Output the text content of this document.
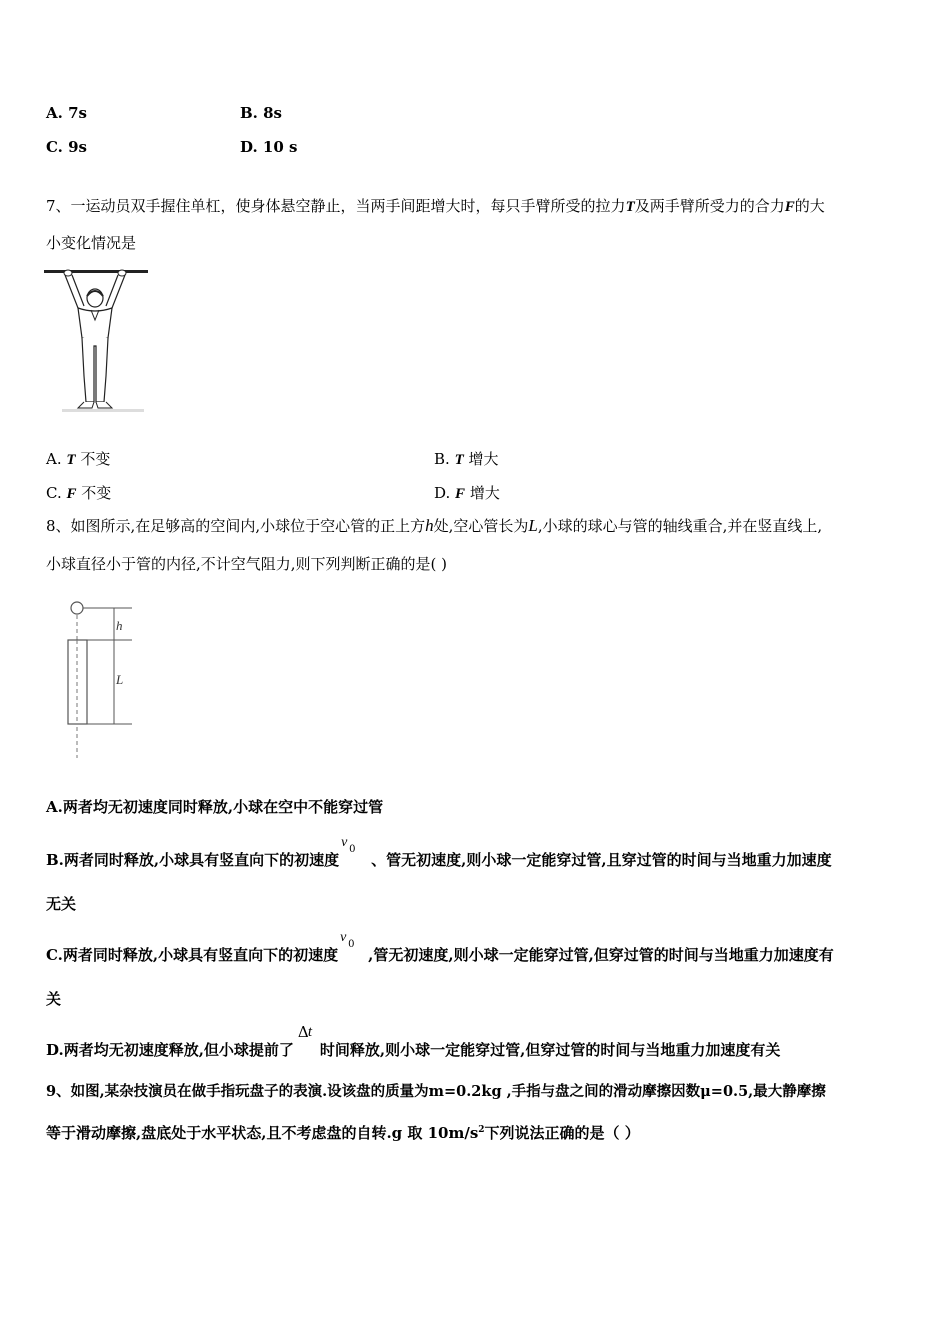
A. 7s	B. 8s
C. 9s	D. 10 s
7、一运动员双手握住单杠，使身体悬空静止，当两手间距增大时，每只手臂所受的拉力T及两手臂所受力的合力F的大
小变化情况是
A. T 不变	B. T 增大
C. F 不变	D. F 增大
8、如图所示,在足够高的空间内,小球位于空心管的正上方h处,空心管长为L,小球的球心与管的轴线重合,并在竖直线上,
小球直径小于管的内径,不计空气阻力,则下列判断正确的是( )
h
L
A.两者均无初速度同时释放,小球在空中不能穿过管
B.两者同时释放,小球具有竖直向下的初速度
v 0
、管无初速度,则小球一定能穿过管,且穿过管的时间与当地重力加速度
无关
C.两者同时释放,小球具有竖直向下的初速度
v 0
,管无初速度,则小球一定能穿过管,但穿过管的时间与当地重力加速度有
关
D.两者均无初速度释放,但小球提前了
Δ t
时间释放,则小球一定能穿过管,但穿过管的时间与当地重力加速度有关
9、如图,某杂技演员在做手指玩盘子的表演.设该盘的质量为m=0.2kg ,手指与盘之间的滑动摩擦因数μ=0.5,最大静摩擦
等于滑动摩擦,盘底处于水平状态,且不考虑盘的自转.g 取 $10m/s^2$下列说法正确的是（ ）
